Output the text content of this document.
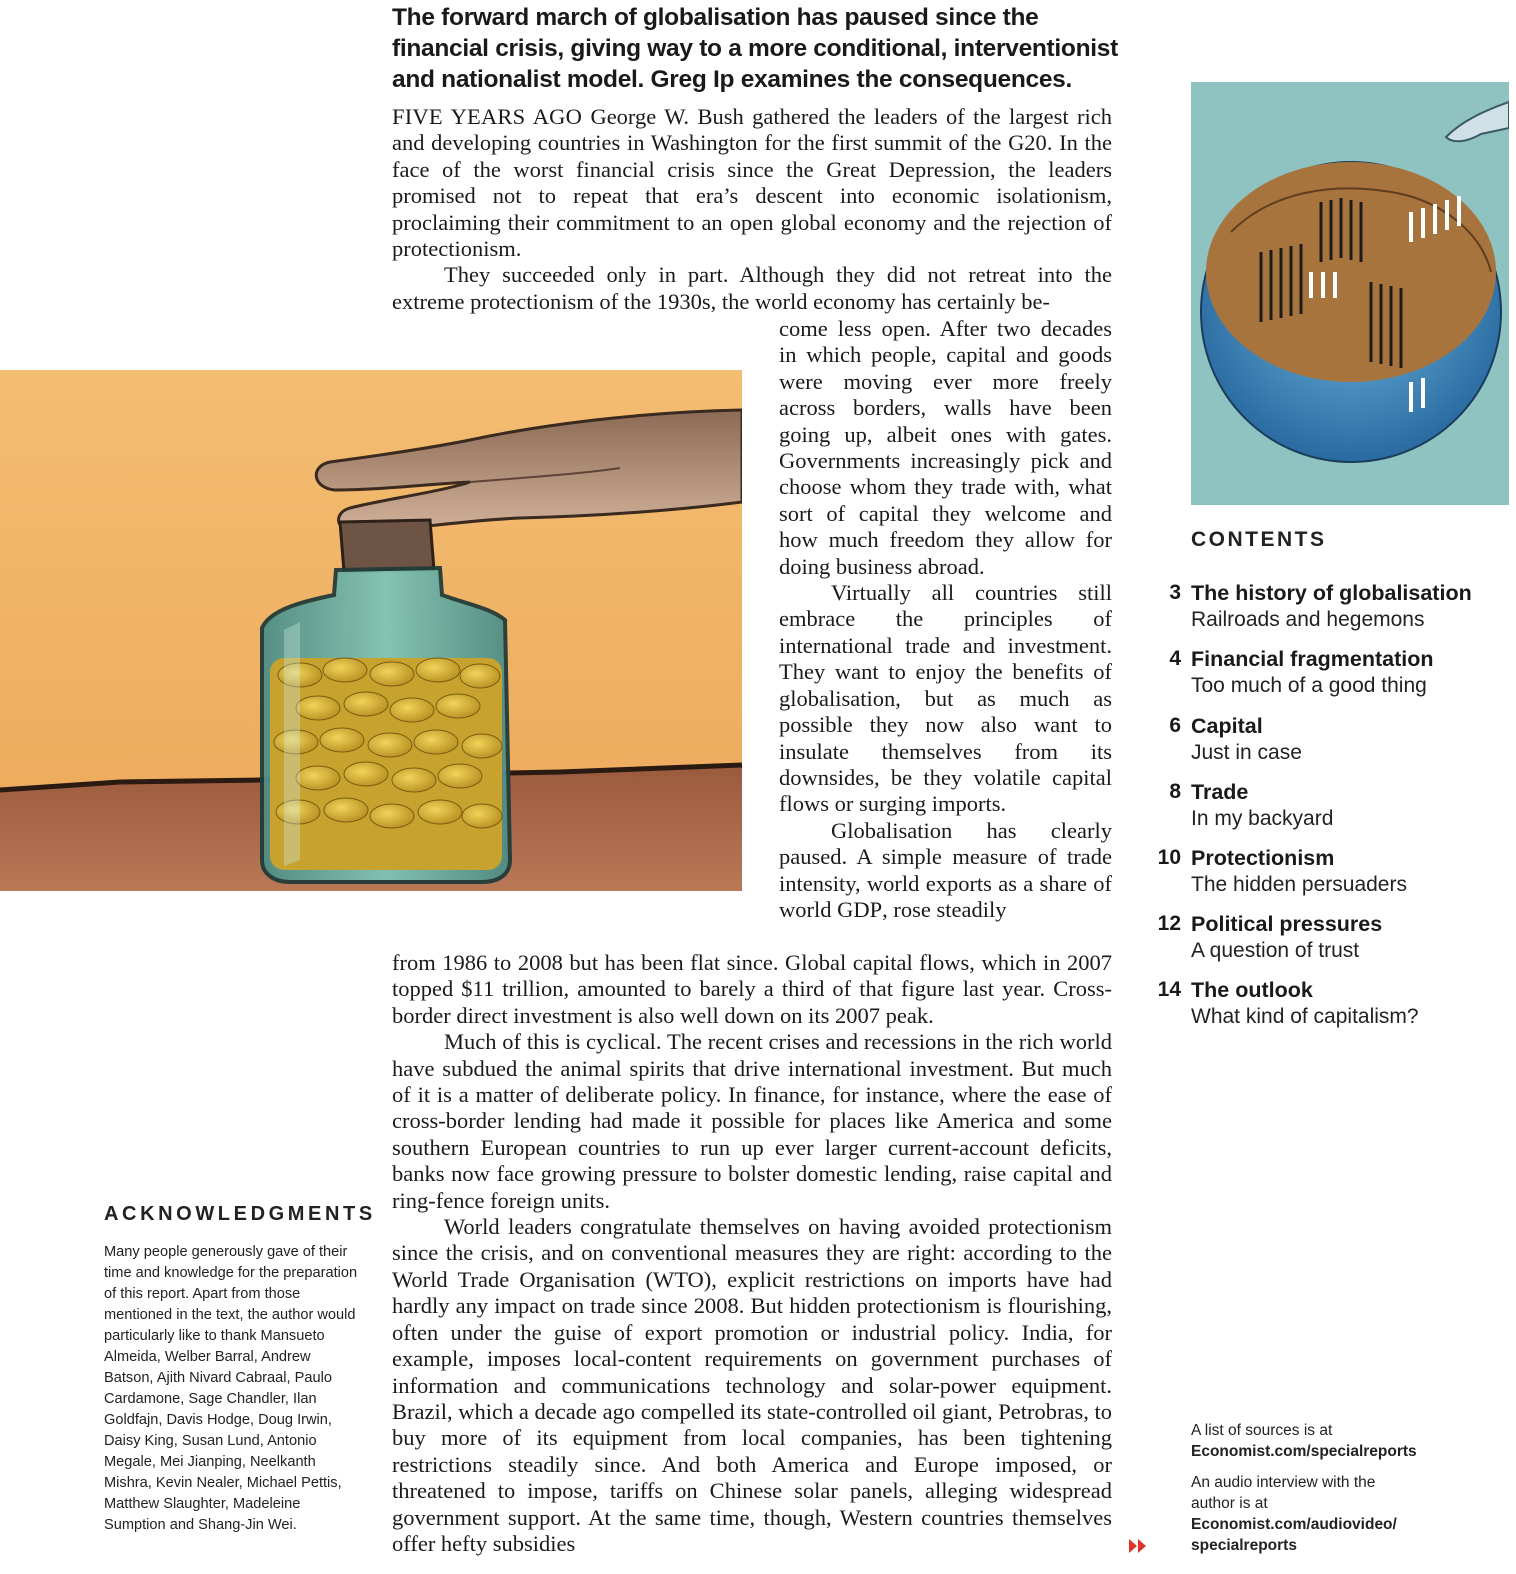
The forward march of globalisation has paused since the financial crisis, giving way to a more conditional, interventionist and nationalist model. Greg Ip examines the consequences.

FIVE YEARS AGO George W. Bush gathered the leaders of the largest rich and developing countries in Washington for the first summit of the G20. In the face of the worst financial crisis since the Great Depression, the leaders promised not to repeat that era’s descent into economic isolationism, proclaiming their commitment to an open global economy and the rejection of protectionism.

They succeeded only in part. Although they did not retreat into the extreme protectionism of the 1930s, the world economy has certainly be-

come less open. After two decades in which people, capital and goods were moving ever more freely across borders, walls have been going up, albeit ones with gates. Governments increasingly pick and choose whom they trade with, what sort of capital they welcome and how much freedom they allow for doing business abroad.

Virtually all countries still embrace the principles of international trade and investment. They want to enjoy the benefits of globalisation, but as much as possible they now also want to insulate themselves from its downsides, be they volatile capital flows or surging imports.

Globalisation has clearly paused. A simple measure of trade intensity, world exports as a share of world GDP, rose steadily

from 1986 to 2008 but has been flat since. Global capital flows, which in 2007 topped $11 trillion, amounted to barely a third of that figure last year. Cross-border direct investment is also well down on its 2007 peak.

Much of this is cyclical. The recent crises and recessions in the rich world have subdued the animal spirits that drive international investment. But much of it is a matter of deliberate policy. In finance, for instance, where the ease of cross-border lending had made it possible for places like America and some southern European countries to run up ever larger current-account deficits, banks now face growing pressure to bolster domestic lending, raise capital and ring-fence foreign units.

World leaders congratulate themselves on having avoided protectionism since the crisis, and on conventional measures they are right: according to the World Trade Organisation (WTO), explicit restrictions on imports have had hardly any impact on trade since 2008. But hidden protectionism is flourishing, often under the guise of export promotion or industrial policy. India, for example, imposes local-content requirements on government purchases of information and communications technology and solar-power equipment. Brazil, which a decade ago compelled its state-controlled oil giant, Petrobras, to buy more of its equipment from local companies, has been tightening restrictions steadily since. And both America and Europe imposed, or threatened to impose, tariffs on Chinese solar panels, alleging widespread government support. At the same time, though, Western countries themselves offer hefty subsidies

CONTENTS
3 The history of globalisation
Railroads and hegemons
4 Financial fragmentation
Too much of a good thing
6 Capital
Just in case
8 Trade
In my backyard
10 Protectionism
The hidden persuaders
12 Political pressures
A question of trust
14 The outlook
What kind of capitalism?
ACKNOWLEDGMENTS

Many people generously gave of their time and knowledge for the preparation of this report. Apart from those mentioned in the text, the author would particularly like to thank Mansueto Almeida, Welber Barral, Andrew Batson, Ajith Nivard Cabraal, Paulo Cardamone, Sage Chandler, Ilan Goldfajn, Davis Hodge, Doug Irwin, Daisy King, Susan Lund, Antonio Megale, Mei Jianping, Neelkanth Mishra, Kevin Nealer, Michael Pettis, Matthew Slaughter, Madeleine Sumption and Shang-Jin Wei.

A list of sources is at
Economist.com/specialreports

An audio interview with the author is at
Economist.com/audiovideo/
specialreports
